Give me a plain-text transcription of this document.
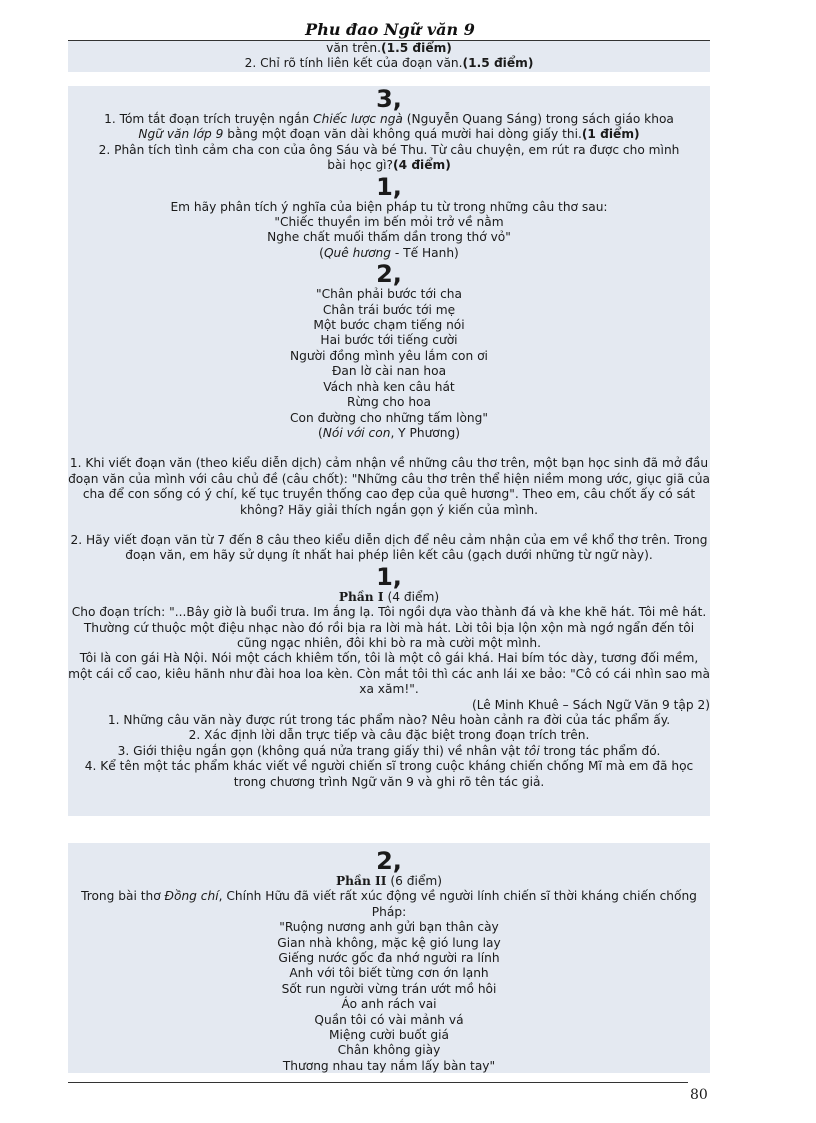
Phu đao Ngữ văn 9

văn trên.(1.5 điểm)

2. Chỉ rõ tính liên kết của đoạn văn.(1.5 điểm)

3,

1. Tóm tắt đoạn trích truyện ngắn Chiếc lược ngà (Nguyễn Quang Sáng) trong sách giáo khoa

Ngữ văn lớp 9 bằng một đoạn văn dài không quá mười hai dòng giấy thi.(1 điểm)

2. Phân tích tình cảm cha con của ông Sáu và bé Thu. Từ câu chuyện, em rút ra được cho mình

bài học gì?(4 điểm)

1,

Em hãy phân tích ý nghĩa của biện pháp tu từ trong những câu thơ sau:

"Chiếc thuyền im bến mỏi trở về nằm

Nghe chất muối thấm dần trong thớ vỏ"

(Quê hương - Tế Hanh)

2,

"Chân phải bước tới cha

Chân trái bước tới mẹ

Một bước chạm tiếng nói

Hai bước tới tiếng cười

Người đồng mình yêu lắm con ơi

Đan lờ cài nan hoa

Vách nhà ken câu hát

Rừng cho hoa

Con đường cho những tấm lòng"

(Nói với con, Y Phương)

1. Khi viết đoạn văn (theo kiểu diễn dịch) cảm nhận về những câu thơ trên, một bạn học sinh đã mở đầu đoạn văn của mình với câu chủ đề (câu chốt): "Những câu thơ trên thể hiện niềm mong ước, giục giã của cha để con sống có ý chí, kế tục truyền thống cao đẹp của quê hương". Theo em, câu chốt ấy có sát không? Hãy giải thích ngắn gọn ý kiến của mình.

2. Hãy viết đoạn văn từ 7 đến 8 câu theo kiểu diễn dịch để nêu cảm nhận của em về khổ thơ trên. Trong đoạn văn, em hãy sử dụng ít nhất hai phép liên kết câu (gạch dưới những từ ngữ này).

1,

Phần I (4 điểm)

Cho đoạn trích: "...Bây giờ là buổi trưa. Im ắng lạ. Tôi ngồi dựa vào thành đá và khe khẽ hát. Tôi mê hát. Thường cứ thuộc một điệu nhạc nào đó rồi bịa ra lời mà hát. Lời tôi bịa lộn xộn mà ngớ ngẩn đến tôi cũng ngạc nhiên, đôi khi bò ra mà cười một mình.

Tôi là con gái Hà Nội. Nói một cách khiêm tốn, tôi là một cô gái khá. Hai bím tóc dày, tương đối mềm, một cái cổ cao, kiêu hãnh như đài hoa loa kèn. Còn mắt tôi thì các anh lái xe bảo: "Cô có cái nhìn sao mà xa xăm!".

(Lê Minh Khuê – Sách Ngữ Văn 9 tập 2)

1. Những câu văn này được rút trong tác phẩm nào? Nêu hoàn cảnh ra đời của tác phẩm ấy.

2. Xác định lời dẫn trực tiếp và câu đặc biệt trong đoạn trích trên.

3. Giới thiệu ngắn gọn (không quá nửa trang giấy thi) về nhân vật tôi trong tác phẩm đó.

4. Kể tên một tác phẩm khác viết về người chiến sĩ trong cuộc kháng chiến chống Mĩ mà em đã học trong chương trình Ngữ văn 9 và ghi rõ tên tác giả.

2,

Phần II (6 điểm)

Trong bài thơ Đồng chí, Chính Hữu đã viết rất xúc động về người lính chiến sĩ thời kháng chiến chống Pháp:

"Ruộng nương anh gửi bạn thân cày

Gian nhà không, mặc kệ gió lung lay

Giếng nước gốc đa nhớ người ra lính

Anh với tôi biết từng cơn ớn lạnh

Sốt run người vừng trán ướt mồ hôi

Áo anh rách vai

Quần tôi có vài mảnh vá

Miệng cười buốt giá

Chân không giày

Thương nhau tay nắm lấy bàn tay"

80
